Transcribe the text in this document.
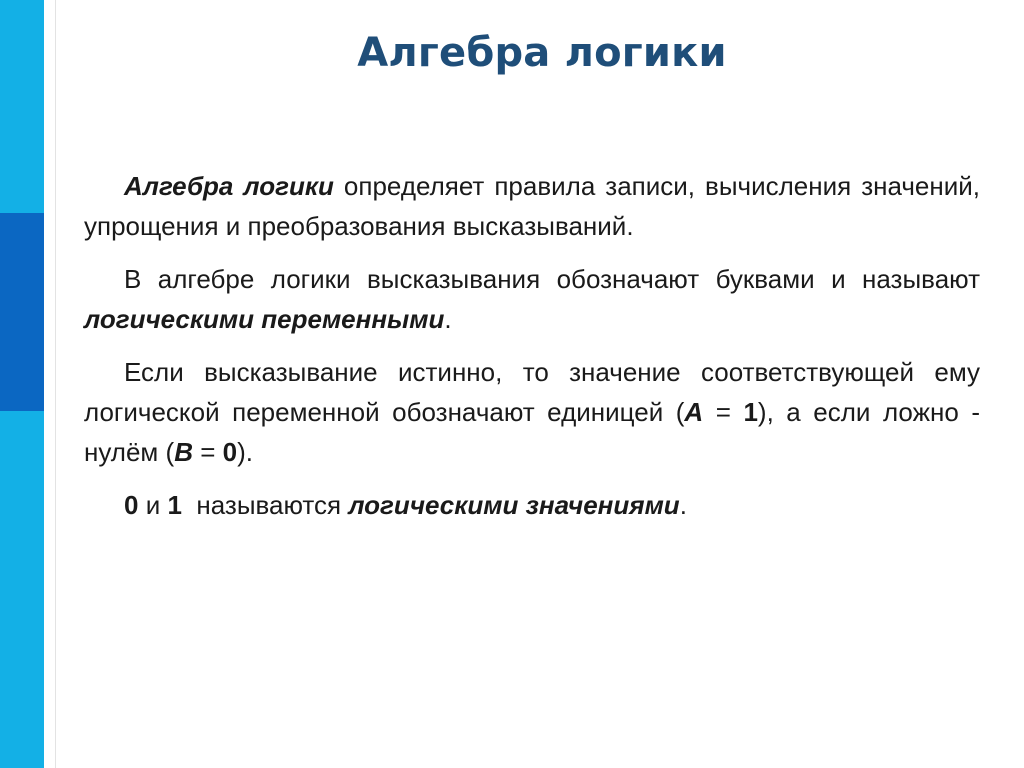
Алгебра логики

Алгебра логики определяет правила записи, вычисления значений, упрощения и преобразования высказываний.

В алгебре логики высказывания обозначают буквами и называют логическими переменными.

Если высказывание истинно, то значение соответствующей ему логической переменной обозначают единицей (А = 1), а если ложно - нулём (В = 0).

0 и 1  называются логическими значениями.
